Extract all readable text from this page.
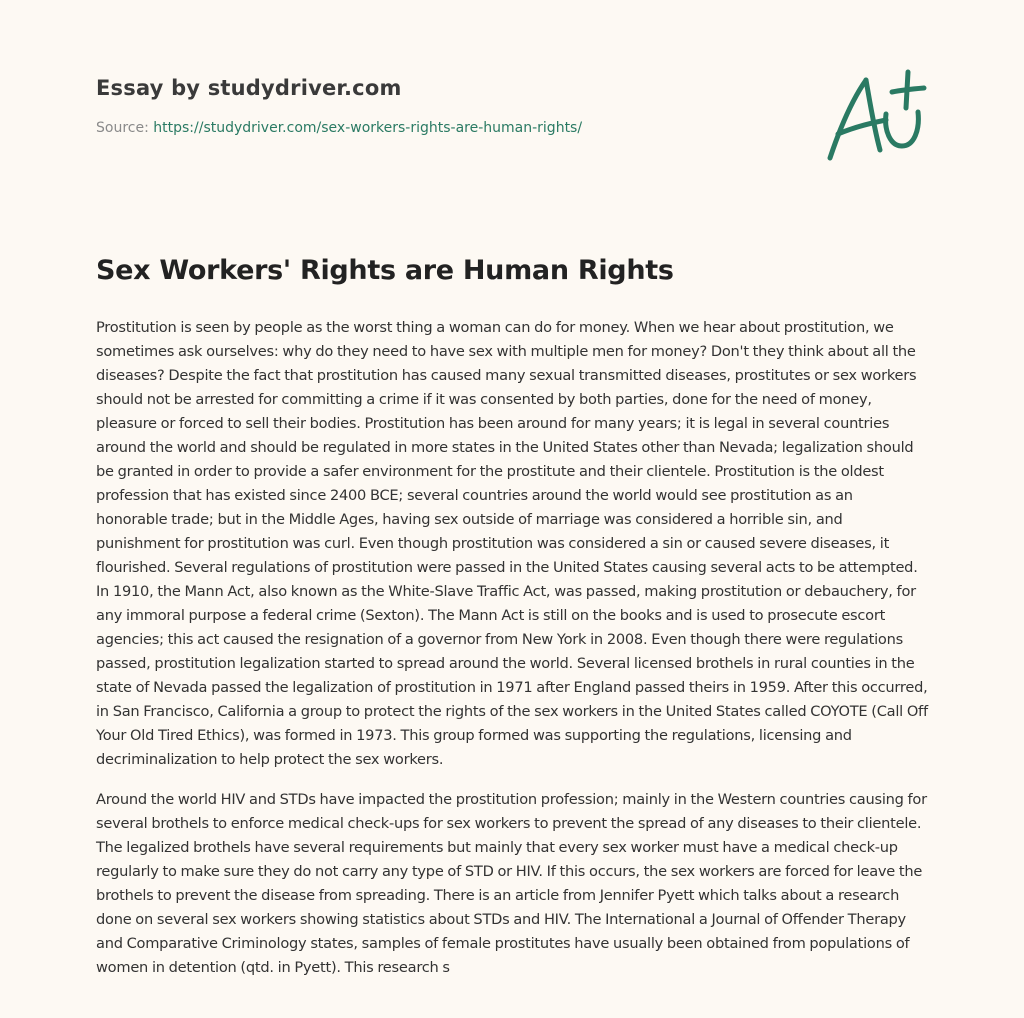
Essay by studydriver.com
Source: https://studydriver.com/sex-workers-rights-are-human-rights/
Sex Workers' Rights are Human Rights

Prostitution is seen by people as the worst thing a woman can do for money. When we hear about prostitution, we sometimes ask ourselves: why do they need to have sex with multiple men for money? Don't they think about all the diseases? Despite the fact that prostitution has caused many sexual transmitted diseases, prostitutes or sex workers should not be arrested for committing a crime if it was consented by both parties, done for the need of money, pleasure or forced to sell their bodies. Prostitution has been around for many years; it is legal in several countries around the world and should be regulated in more states in the United States other than Nevada; legalization should be granted in order to provide a safer environment for the prostitute and their clientele. Prostitution is the oldest profession that has existed since 2400 BCE; several countries around the world would see prostitution as an honorable trade; but in the Middle Ages, having sex outside of marriage was considered a horrible sin, and punishment for prostitution was curl. Even though prostitution was considered a sin or caused severe diseases, it flourished. Several regulations of prostitution were passed in the United States causing several acts to be attempted. In 1910, the Mann Act, also known as the White-Slave Traffic Act, was passed, making prostitution or debauchery, for any immoral purpose a federal crime (Sexton). The Mann Act is still on the books and is used to prosecute escort agencies; this act caused the resignation of a governor from New York in 2008. Even though there were regulations passed, prostitution legalization started to spread around the world. Several licensed brothels in rural counties in the state of Nevada passed the legalization of prostitution in 1971 after England passed theirs in 1959. After this occurred, in San Francisco, California a group to protect the rights of the sex workers in the United States called COYOTE (Call Off Your Old Tired Ethics), was formed in 1973. This group formed was supporting the regulations, licensing and decriminalization to help protect the sex workers.

Around the world HIV and STDs have impacted the prostitution profession; mainly in the Western countries causing for several brothels to enforce medical check-ups for sex workers to prevent the spread of any diseases to their clientele. The legalized brothels have several requirements but mainly that every sex worker must have a medical check-up regularly to make sure they do not carry any type of STD or HIV. If this occurs, the sex workers are forced for leave the brothels to prevent the disease from spreading. There is an article from Jennifer Pyett which talks about a research done on several sex workers showing statistics about STDs and HIV. The International a Journal of Offender Therapy and Comparative Criminology states, samples of female prostitutes have usually been obtained from populations of women in detention (qtd. in Pyett). This research s
